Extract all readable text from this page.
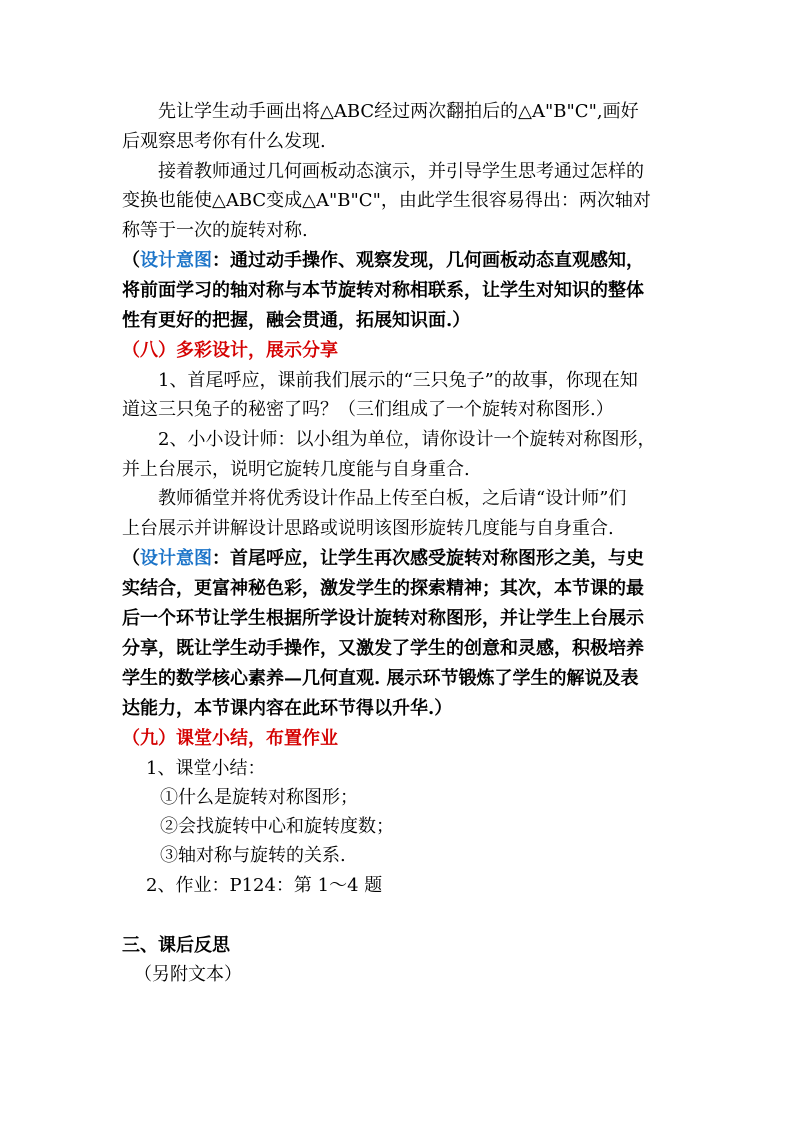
先让学生动手画出将△ABC经过两次翻拍后的△A"B"C",画好
后观察思考你有什么发现.
接着教师通过几何画板动态演示，并引导学生思考通过怎样的
变换也能使△ABC变成△A"B"C"，由此学生很容易得出：两次轴对
称等于一次的旋转对称.
（设计意图：通过动手操作、观察发现，几何画板动态直观感知，
将前面学习的轴对称与本节旋转对称相联系，让学生对知识的整体
性有更好的把握，融会贯通，拓展知识面.）
（八）多彩设计，展示分享
1、首尾呼应，课前我们展示的“三只兔子”的故事，你现在知
道这三只兔子的秘密了吗？（三们组成了一个旋转对称图形.）
2、小小设计师：以小组为单位，请你设计一个旋转对称图形，
并上台展示，说明它旋转几度能与自身重合.
教师循堂并将优秀设计作品上传至白板，之后请“设计师”们
上台展示并讲解设计思路或说明该图形旋转几度能与自身重合.
（设计意图：首尾呼应，让学生再次感受旋转对称图形之美，与史
实结合，更富神秘色彩，激发学生的探索精神；其次，本节课的最
后一个环节让学生根据所学设计旋转对称图形，并让学生上台展示
分享，既让学生动手操作，又激发了学生的创意和灵感，积极培养
学生的数学核心素养—几何直观. 展示环节锻炼了学生的解说及表
达能力，本节课内容在此环节得以升华.）
（九）课堂小结，布置作业
1、课堂小结：
①什么是旋转对称图形；
②会找旋转中心和旋转度数；
③轴对称与旋转的关系.
2、作业：P124：第 1～4 题
三、课后反思
（另附文本）
